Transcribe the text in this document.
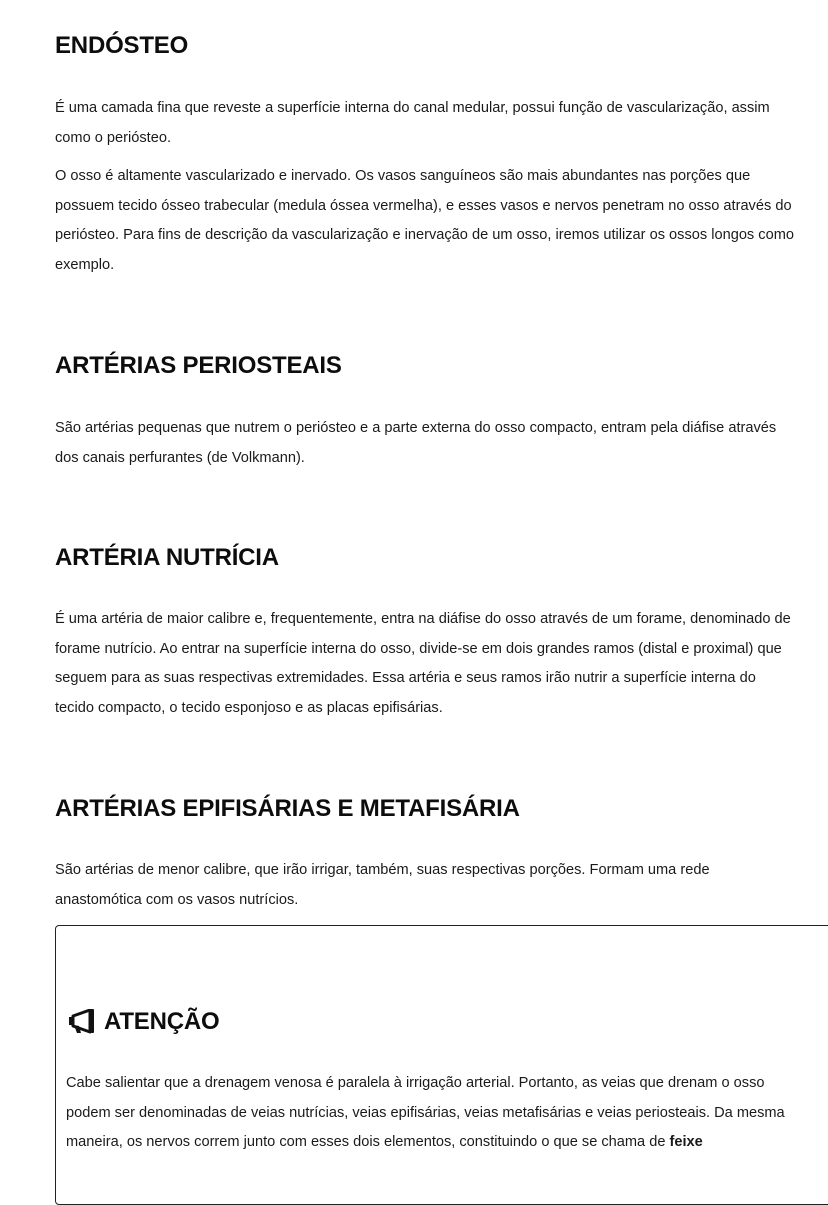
ENDÓSTEO

É uma camada fina que reveste a superfície interna do canal medular, possui função de vascularização, assim como o periósteo.

O osso é altamente vascularizado e inervado. Os vasos sanguíneos são mais abundantes nas porções que possuem tecido ósseo trabecular (medula óssea vermelha), e esses vasos e nervos penetram no osso através do periósteo. Para fins de descrição da vascularização e inervação de um osso, iremos utilizar os ossos longos como exemplo.

ARTÉRIAS PERIOSTEAIS

São artérias pequenas que nutrem o periósteo e a parte externa do osso compacto, entram pela diáfise através dos canais perfurantes (de Volkmann).

ARTÉRIA NUTRÍCIA

É uma artéria de maior calibre e, frequentemente, entra na diáfise do osso através de um forame, denominado de forame nutrício. Ao entrar na superfície interna do osso, divide-se em dois grandes ramos (distal e proximal) que seguem para as suas respectivas extremidades. Essa artéria e seus ramos irão nutrir a superfície interna do tecido compacto, o tecido esponjoso e as placas epifisárias.

ARTÉRIAS EPIFISÁRIAS E METAFISÁRIA

São artérias de menor calibre, que irão irrigar, também, suas respectivas porções. Formam uma rede anastomótica com os vasos nutrícios.

ATENÇÃO

Cabe salientar que a drenagem venosa é paralela à irrigação arterial. Portanto, as veias que drenam o osso podem ser denominadas de veias nutrícias, veias epifisárias, veias metafisárias e veias periosteais. Da mesma maneira, os nervos correm junto com esses dois elementos, constituindo o que se chama de feixe
